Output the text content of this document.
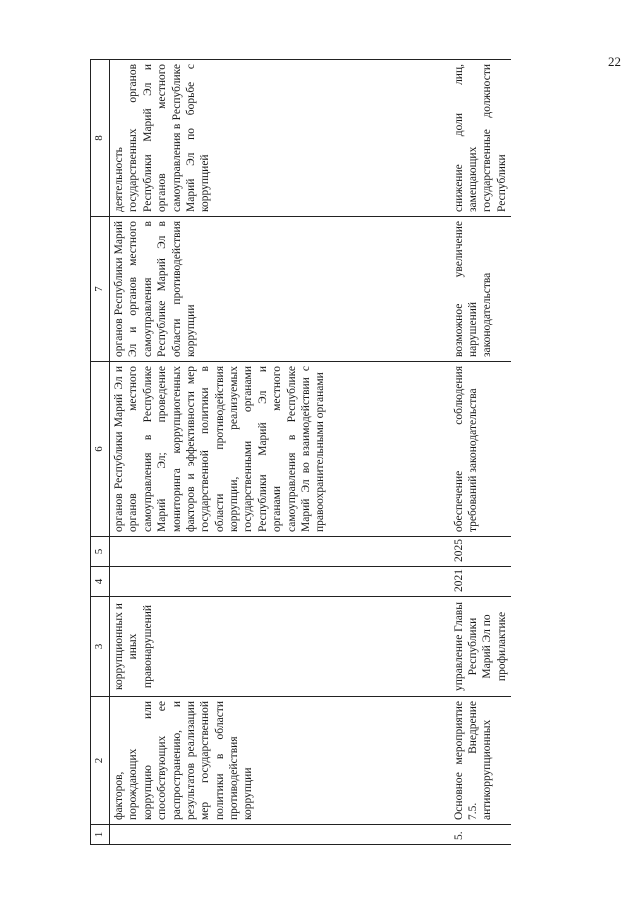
22
1	2	3	4	5	6	7	8
	факторов, порождающих коррупцию или способствующих ее распространению, и результатов реализации мер государственной политики в области противодействия коррупции	коррупционных и иных правонарушений			органов Республики Марий Эл и органов местного самоуправления в Республике Марий Эл; проведение мониторинга коррупциогенных факторов и эффективности мер государственной политики в области противодействия коррупции, реализуемых государственными органами Республики Марий Эл и органами местного самоуправления в Республике Марий Эл во взаимодействии с правоохранительными органами	органов Республики Марий Эл и органов местного самоуправления в Республике Марий Эл в области противодействия коррупции	деятельность государственных органов Республики Марий Эл и органов местного самоуправления в Республике Марий Эл по борьбе с коррупцией
5.	Основное мероприятие 7.5. Внедрение антикоррупционных	управление Главы Республики Марий Эл по профилактике	2021	2025	обеспечение соблюдения требований законодательства	возможное увеличение нарушений законодательства	снижение доли лиц, замещающих государственные должности Республики
